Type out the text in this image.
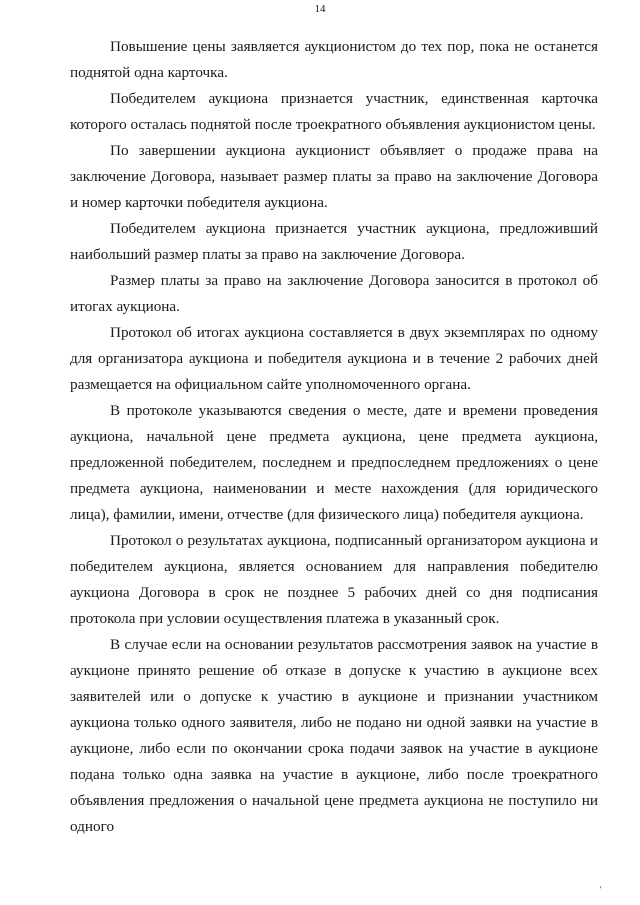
14

Повышение цены заявляется аукционистом до тех пор, пока не останется поднятой одна карточка.

Победителем аукциона признается участник, единственная карточка которого осталась поднятой после троекратного объявления аукционистом цены.

По завершении аукциона аукционист объявляет о продаже права на заключение Договора, называет размер платы за право на заключение Договора и номер карточки победителя аукциона.

Победителем аукциона признается участник аукциона, предложивший наибольший размер платы за право на заключение Договора.

Размер платы за право на заключение Договора заносится в протокол об итогах аукциона.

Протокол об итогах аукциона составляется в двух экземплярах по одному для организатора аукциона и победителя аукциона и в течение 2 рабочих дней размещается на официальном сайте уполномоченного органа.

В протоколе указываются сведения о месте, дате и времени проведения аукциона, начальной цене предмета аукциона, цене предмета аукциона, предложенной победителем, последнем и предпоследнем предложениях о цене предмета аукциона, наименовании и месте нахождения (для юридического лица), фамилии, имени, отчестве (для физического лица) победителя аукциона.

Протокол о результатах аукциона, подписанный организатором аукциона и победителем аукциона, является основанием для направления победителю аукциона Договора в срок не позднее 5 рабочих дней со дня подписания протокола при условии осуществления платежа в указанный срок.

В случае если на основании результатов рассмотрения заявок на участие в аукционе принято решение об отказе в допуске к участию в аукционе всех заявителей или о допуске к участию в аукционе и признании участником аукциона только одного заявителя, либо не подано ни одной заявки на участие в аукционе, либо если по окончании срока подачи заявок на участие в аукционе подана только одна заявка на участие в аукционе, либо после троекратного объявления предложения о начальной цене предмета аукциона не поступило ни одного

'
